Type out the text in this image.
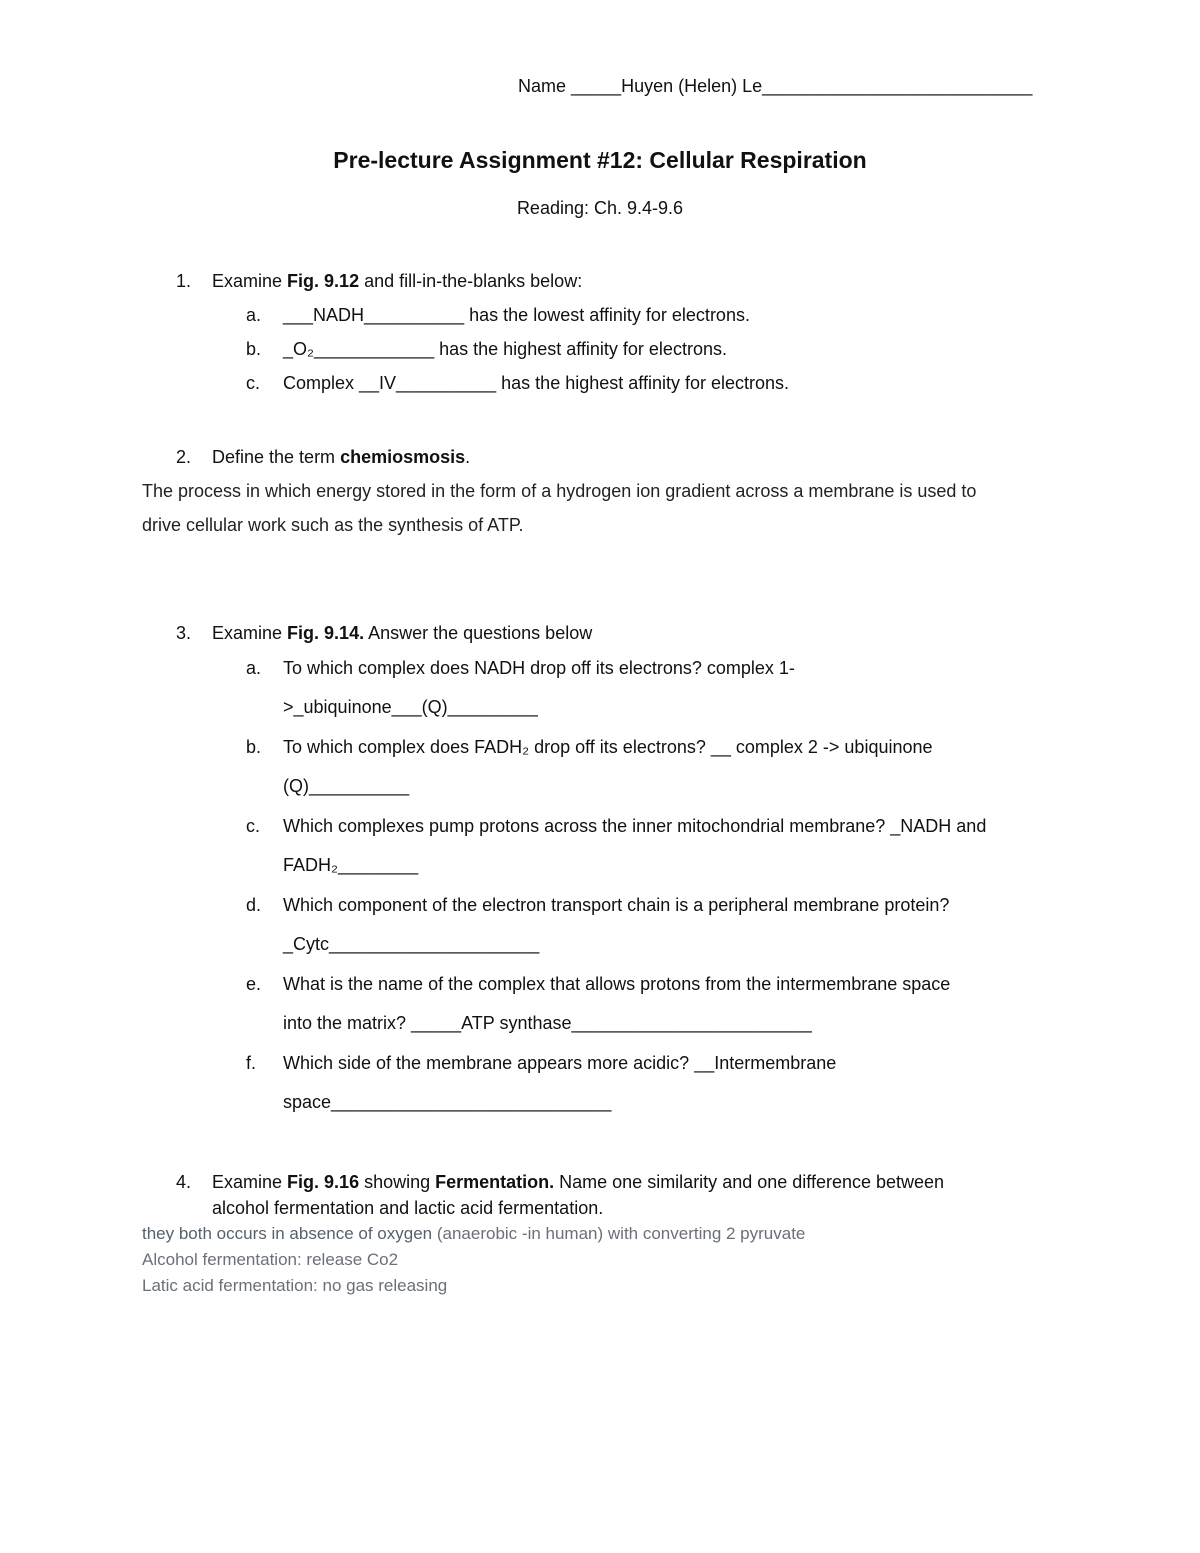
Name _____Huyen (Helen) Le___________________________
Pre-lecture Assignment #12: Cellular Respiration
Reading: Ch. 9.4-9.6
1. Examine Fig. 9.12 and fill-in-the-blanks below:
a. ___NADH__________ has the lowest affinity for electrons.
b. _O₂____________ has the highest affinity for electrons.
c. Complex __IV__________ has the highest affinity for electrons.
2. Define the term chemiosmosis.
The process in which energy stored in the form of a hydrogen ion gradient across a membrane is used to
drive cellular work such as the synthesis of ATP.
3. Examine Fig. 9.14. Answer the questions below
a. To which complex does NADH drop off its electrons? complex 1-
>_ubiquinone___(Q)_________
b. To which complex does FADH₂ drop off its electrons? __ complex 2 -> ubiquinone
(Q)__________
c. Which complexes pump protons across the inner mitochondrial membrane? _NADH and
FADH₂________
d. Which component of the electron transport chain is a peripheral membrane protein?
_Cytc_____________________
e. What is the name of the complex that allows protons from the intermembrane space
into the matrix? _____ATP synthase________________________
f. Which side of the membrane appears more acidic? __Intermembrane
space____________________________
4. Examine Fig. 9.16 showing Fermentation. Name one similarity and one difference between
alcohol fermentation and lactic acid fermentation.
they both occurs in absence of oxygen (anaerobic -in human) with converting 2 pyruvate
Alcohol fermentation: release Co2
Latic acid fermentation: no gas releasing
